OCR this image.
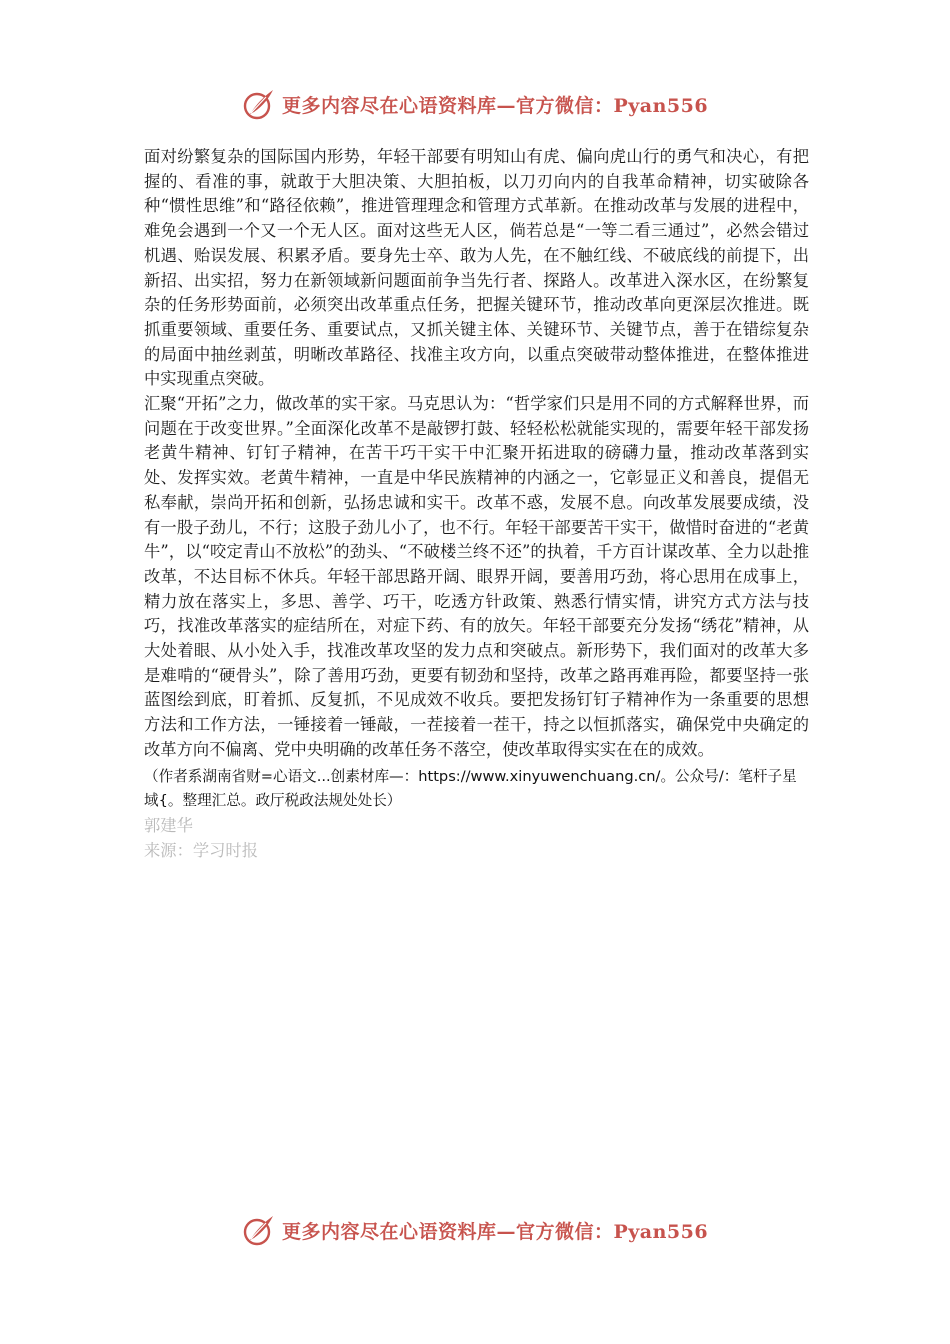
更多内容尽在心语资料库—官方微信：Pyan556

面对纷繁复杂的国际国内形势，年轻干部要有明知山有虎、偏向虎山行的勇气和决心，有把握的、看准的事，就敢于大胆决策、大胆拍板，以刀刃向内的自我革命精神，切实破除各种“惯性思维”和“路径依赖”，推进管理理念和管理方式革新。在推动改革与发展的进程中，难免会遇到一个又一个无人区。面对这些无人区，倘若总是“一等二看三通过”，必然会错过机遇、贻误发展、积累矛盾。要身先士卒、敢为人先，在不触红线、不破底线的前提下，出新招、出实招，努力在新领域新问题面前争当先行者、探路人。改革进入深水区，在纷繁复杂的任务形势面前，必须突出改革重点任务，把握关键环节，推动改革向更深层次推进。既抓重要领域、重要任务、重要试点，又抓关键主体、关键环节、关键节点，善于在错综复杂的局面中抽丝剥茧，明晰改革路径、找准主攻方向，以重点突破带动整体推进，在整体推进中实现重点突破。

汇聚“开拓”之力，做改革的实干家。马克思认为：“哲学家们只是用不同的方式解释世界，而问题在于改变世界。”全面深化改革不是敲锣打鼓、轻轻松松就能实现的，需要年轻干部发扬老黄牛精神、钉钉子精神，在苦干巧干实干中汇聚开拓进取的磅礴力量，推动改革落到实处、发挥实效。老黄牛精神，一直是中华民族精神的内涵之一，它彰显正义和善良，提倡无私奉献，崇尚开拓和创新，弘扬忠诚和实干。改革不惑，发展不息。向改革发展要成绩，没有一股子劲儿，不行；这股子劲儿小了，也不行。年轻干部要苦干实干，做惜时奋进的“老黄牛”，以“咬定青山不放松”的劲头、“不破楼兰终不还”的执着，千方百计谋改革、全力以赴推改革，不达目标不休兵。年轻干部思路开阔、眼界开阔，要善用巧劲，将心思用在成事上，精力放在落实上，多思、善学、巧干，吃透方针政策、熟悉行情实情，讲究方式方法与技巧，找准改革落实的症结所在，对症下药、有的放矢。年轻干部要充分发扬“绣花”精神，从大处着眼、从小处入手，找准改革攻坚的发力点和突破点。新形势下，我们面对的改革大多是难啃的“硬骨头”，除了善用巧劲，更要有韧劲和坚持，改革之路再难再险，都要坚持一张蓝图绘到底，盯着抓、反复抓，不见成效不收兵。要把发扬钉钉子精神作为一条重要的思想方法和工作方法，一锤接着一锤敲，一茬接着一茬干，持之以恒抓落实，确保党中央确定的改革方向不偏离、党中央明确的改革任务不落空，使改革取得实实在在的成效。

（作者系湖南省财=心语文...创素材库—：https://www.xinyuwenchuang.cn/。公众号/：笔杆子星域{。整理汇总。政厅税政法规处处长）

郭建华

来源：学习时报

更多内容尽在心语资料库—官方微信：Pyan556
